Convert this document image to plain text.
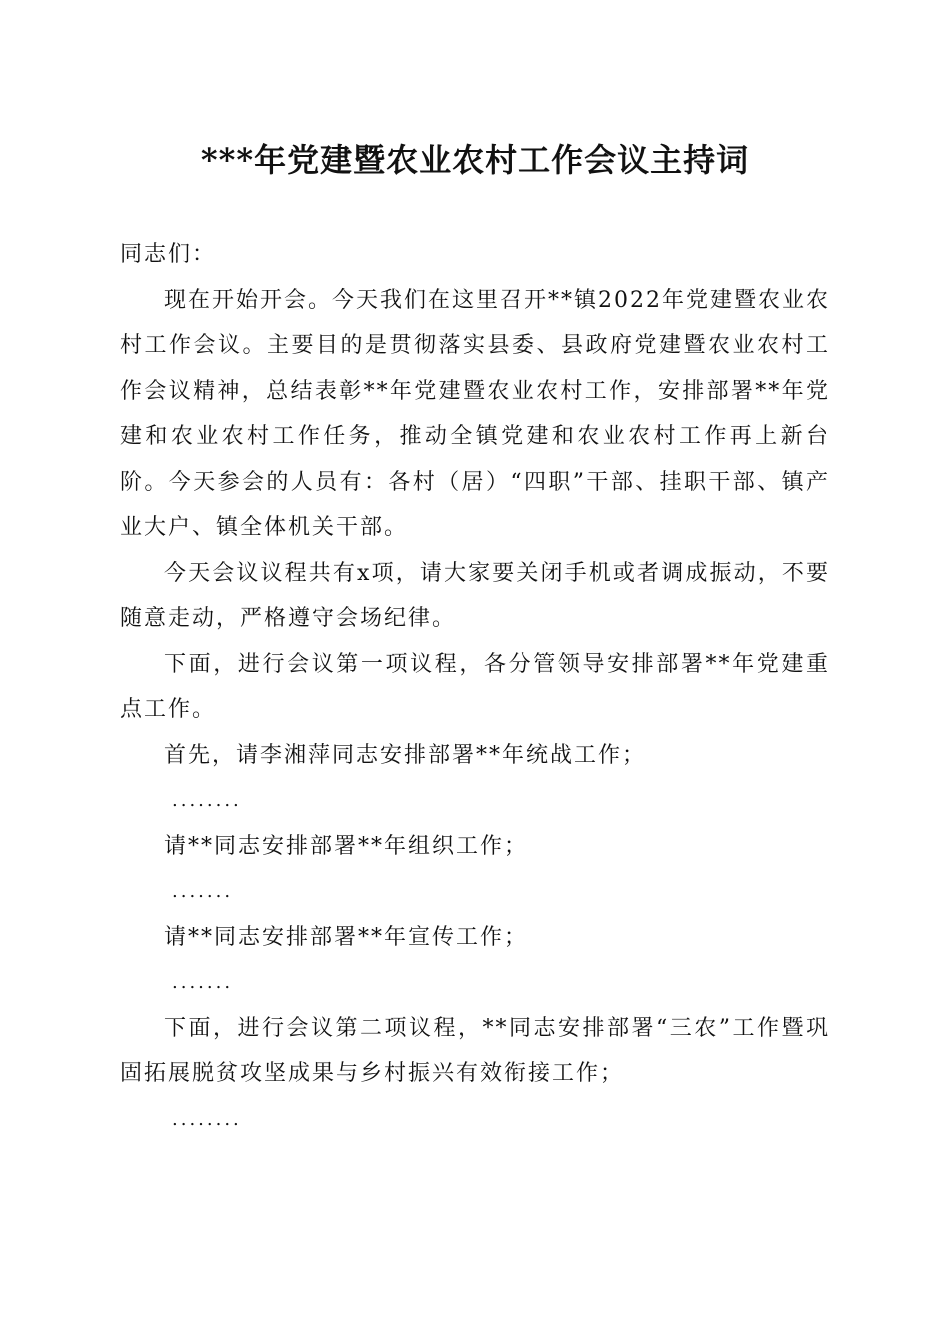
***年党建暨农业农村工作会议主持词

同志们：

现在开始开会。今天我们在这里召开**镇2022年党建暨农业农村工作会议。主要目的是贯彻落实县委、县政府党建暨农业农村工作会议精神，总结表彰**年党建暨农业农村工作，安排部署**年党建和农业农村工作任务，推动全镇党建和农业农村工作再上新台阶。今天参会的人员有：各村（居）“四职”干部、挂职干部、镇产业大户、镇全体机关干部。

今天会议议程共有x项，请大家要关闭手机或者调成振动，不要随意走动，严格遵守会场纪律。

下面，进行会议第一项议程，各分管领导安排部署**年党建重点工作。

首先，请李湘萍同志安排部署**年统战工作；

........

请**同志安排部署**年组织工作；

.......

请**同志安排部署**年宣传工作；

.......

下面，进行会议第二项议程，**同志安排部署“三农”工作暨巩固拓展脱贫攻坚成果与乡村振兴有效衔接工作；

........
